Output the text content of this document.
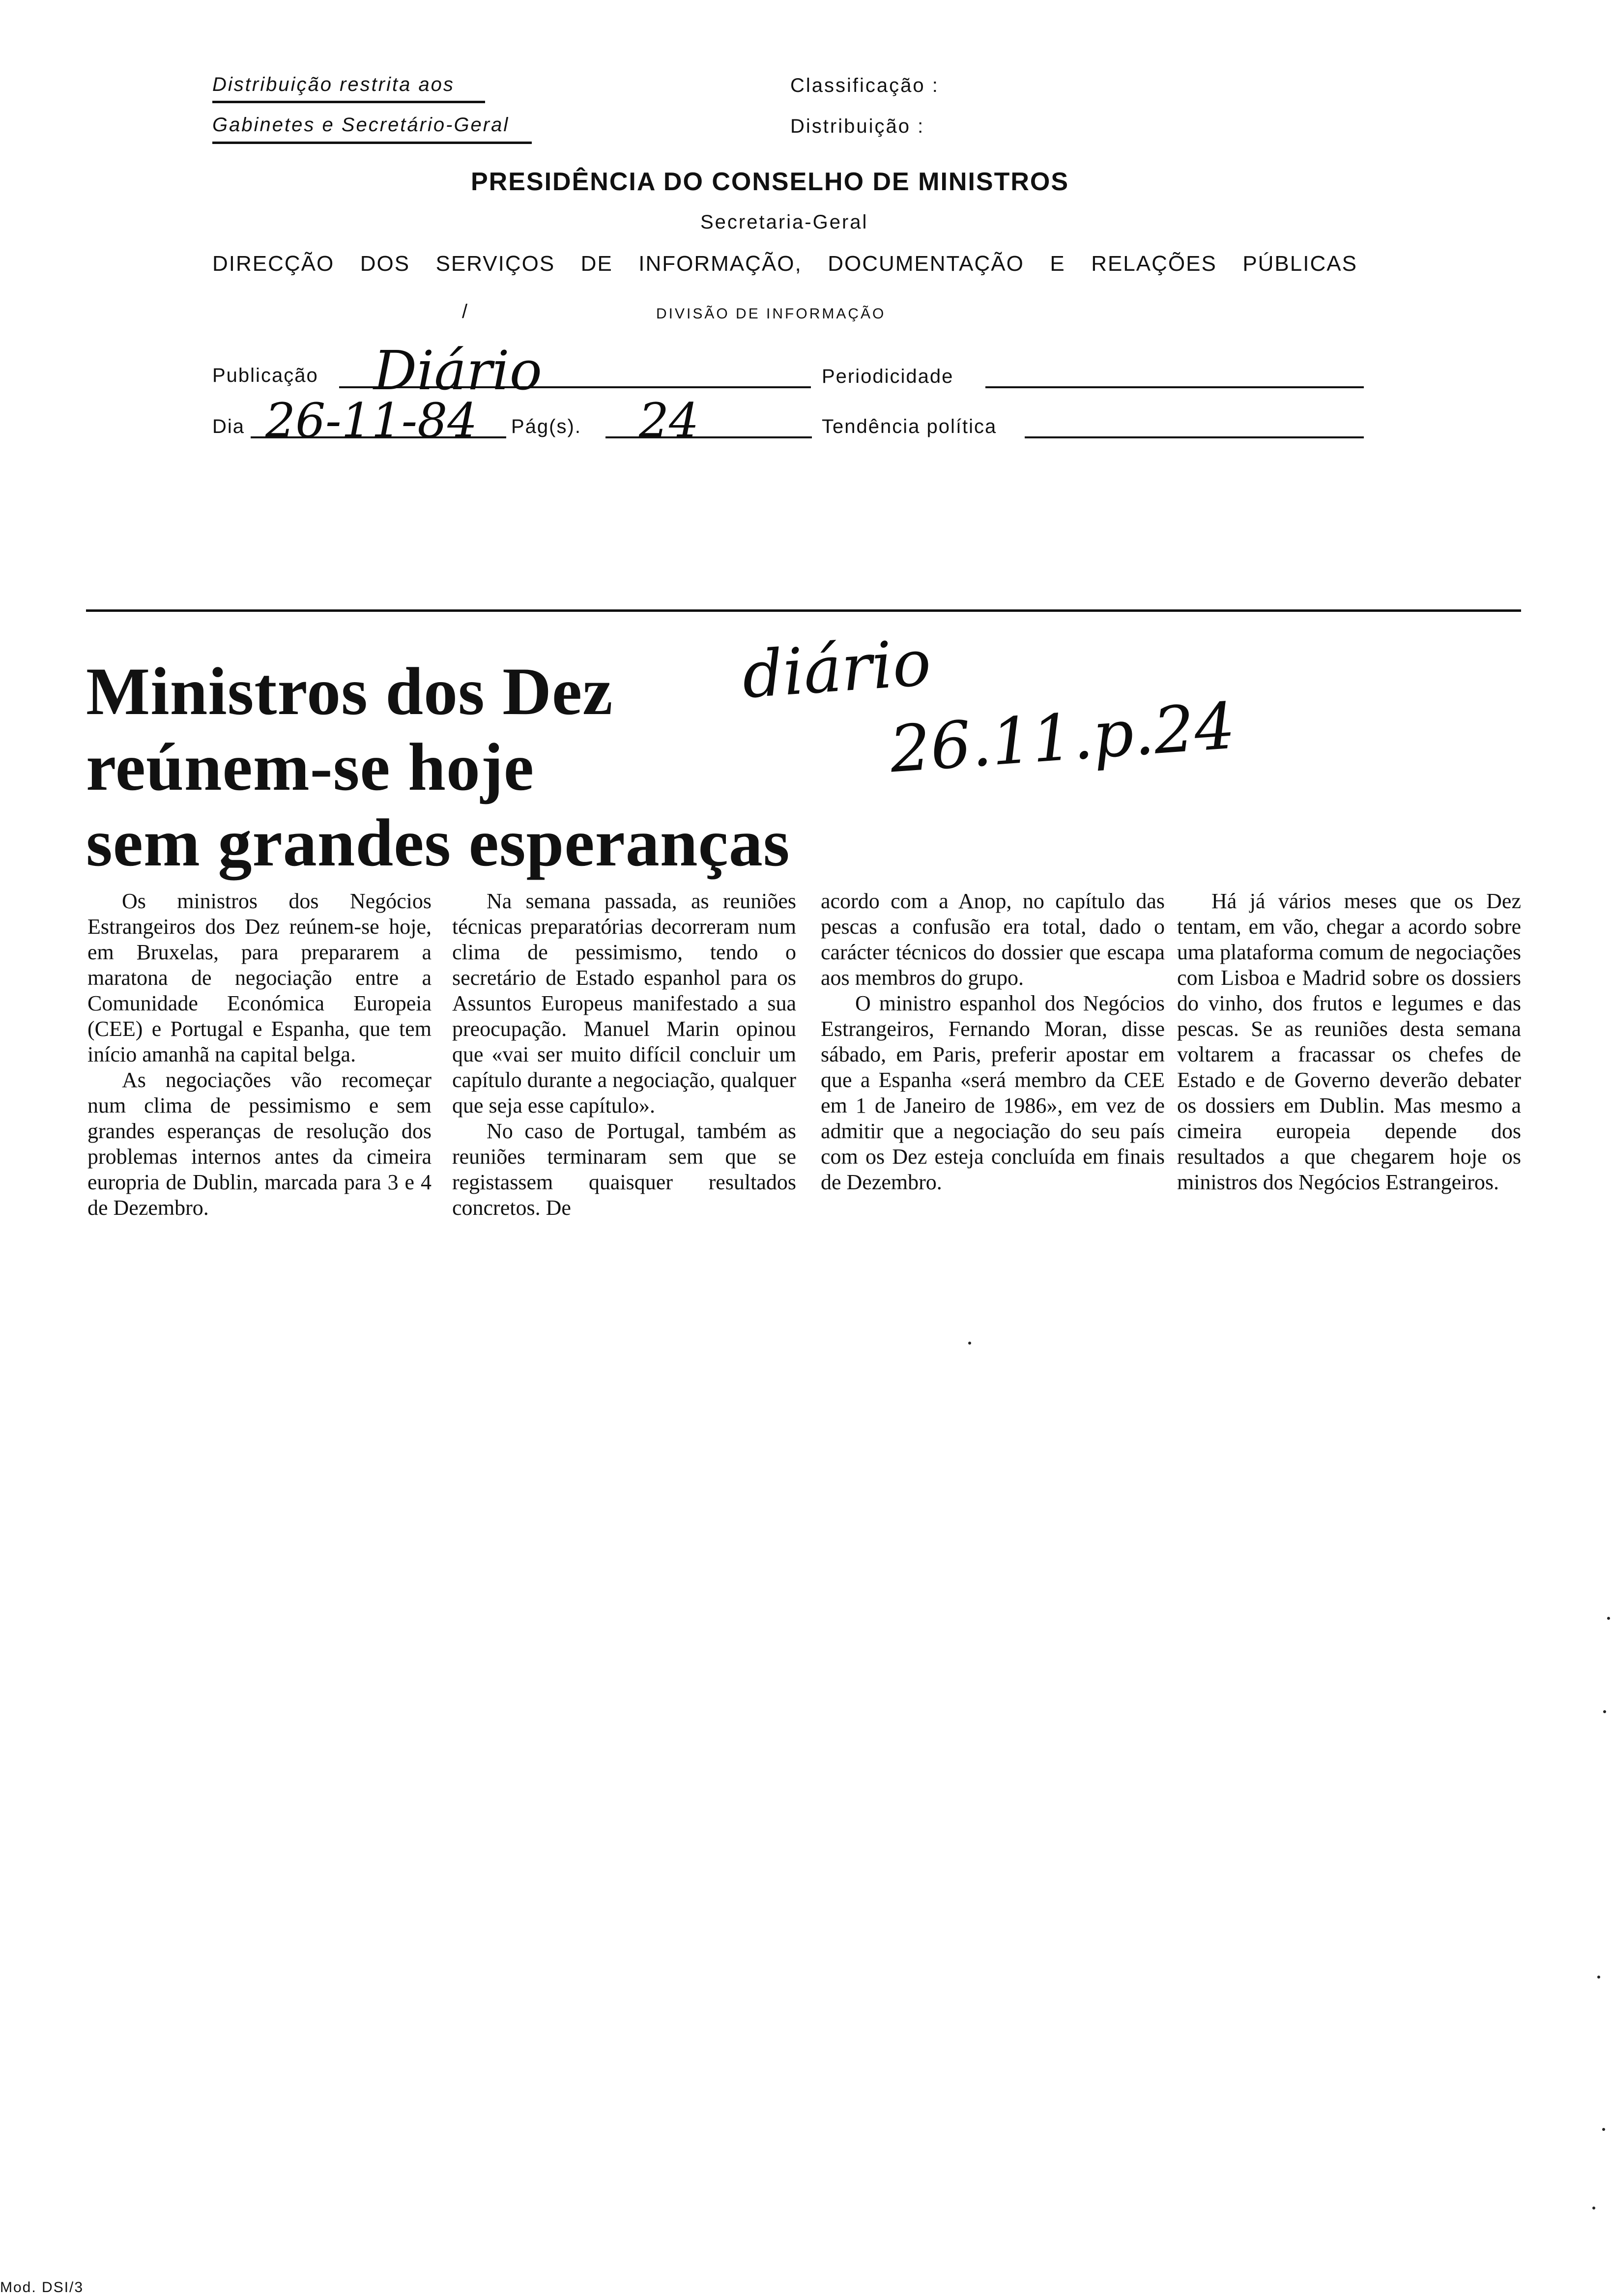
Distribuição restrita aos
Gabinetes e Secretário-Geral
Classificação :
Distribuição :
PRESIDÊNCIA DO CONSELHO DE MINISTROS
Secretaria-Geral
DIRECÇÃO DOS SERVIÇOS DE INFORMAÇÃO, DOCUMENTAÇÃO E RELAÇÕES PÚBLICAS
DIVISÃO DE INFORMAÇÃO
/
Publicação Diário	Periodicidade
Dia 26-11-84 Pág(s). 24	Tendência política
Ministros dos Dez
reúnem-se hoje
sem grandes esperanças
diário
26.11.p.24

Os ministros dos Negócios Estrangeiros dos Dez reúnem-se hoje, em Bruxelas, para prepararem a maratona de negociação entre a Comunidade Económica Europeia (CEE) e Portugal e Espanha, que tem início amanhã na capital belga.

As negociações vão recomeçar num clima de pessimismo e sem grandes esperanças de resolução dos problemas internos antes da cimeira europria de Dublin, marcada para 3 e 4 de Dezembro.

Na semana passada, as reuniões técnicas preparatórias decorreram num clima de pessimismo, tendo o secretário de Estado espanhol para os Assuntos Europeus manifestado a sua preocupação. Manuel Marin opinou que «vai ser muito difícil concluir um capítulo durante a negociação, qualquer que seja esse capítulo».

No caso de Portugal, também as reuniões terminaram sem que se registassem quaisquer resultados concretos. De

acordo com a Anop, no capítulo das pescas a confusão era total, dado o carácter técnicos do dossier que escapa aos membros do grupo.

O ministro espanhol dos Negócios Estrangeiros, Fernando Moran, disse sábado, em Paris, preferir apostar em que a Espanha «será membro da CEE em 1 de Janeiro de 1986», em vez de admitir que a negociação do seu país com os Dez esteja concluída em finais de Dezembro.

Há já vários meses que os Dez tentam, em vão, chegar a acordo sobre uma plataforma comum de negociações com Lisboa e Madrid sobre os dossiers do vinho, dos frutos e legumes e das pescas. Se as reuniões desta semana voltarem a fracassar os chefes de Estado e de Governo deverão debater os dossiers em Dublin. Mas mesmo a cimeira europeia depende dos resultados a que chegarem hoje os ministros dos Negócios Estrangeiros.

Mod. DSI/3
